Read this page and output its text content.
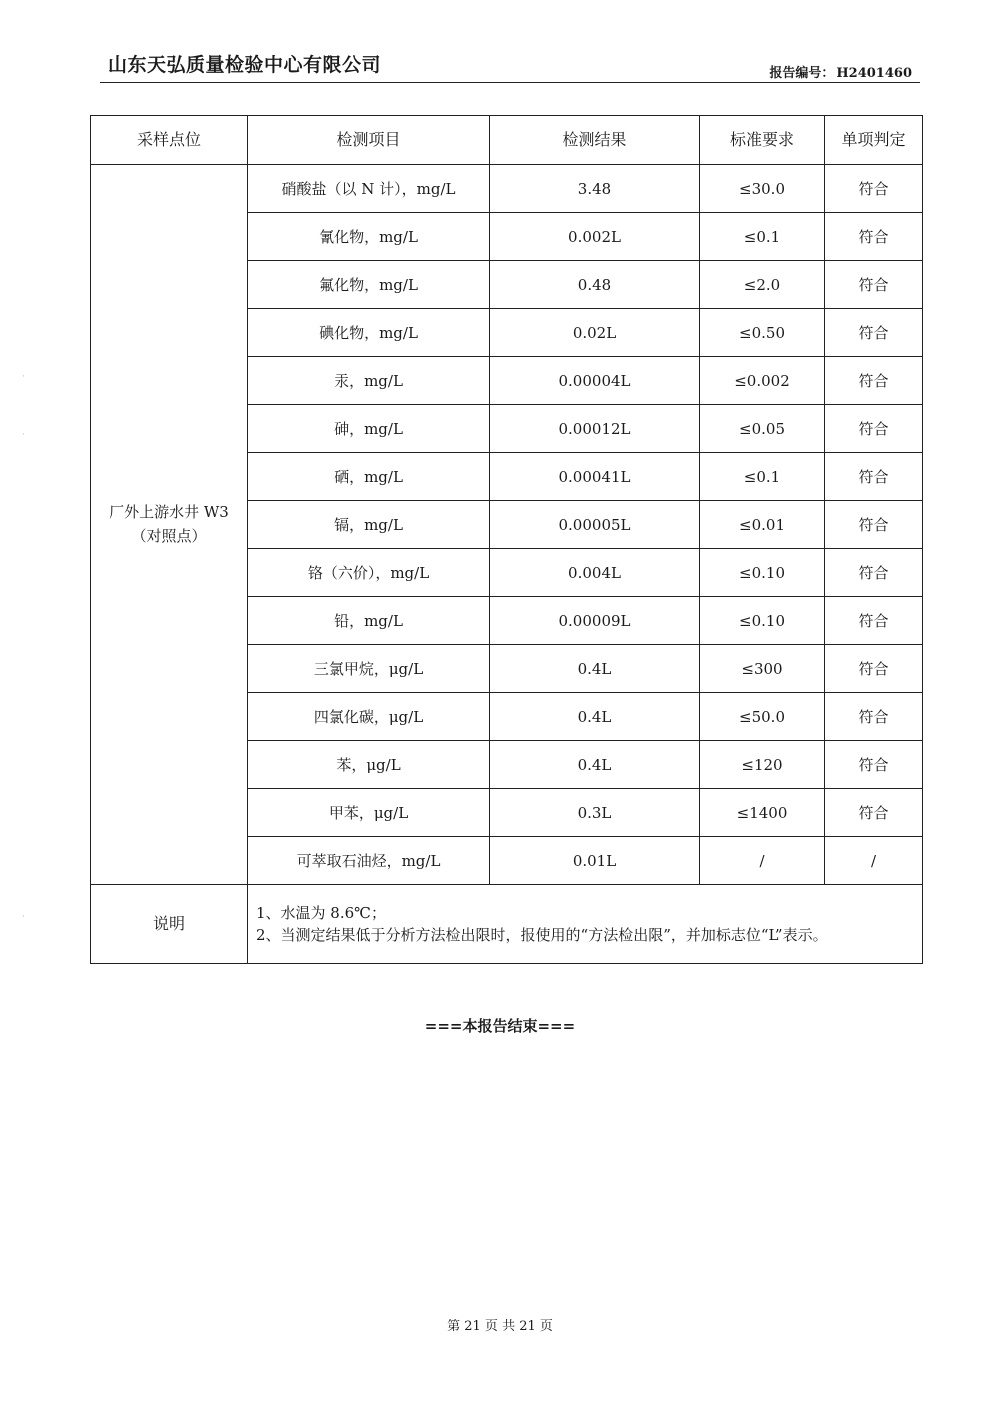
山东天弘质量检验中心有限公司	报告编号： H2401460
采样点位	检测项目	检测结果	标准要求	单项判定

厂外上游水井 W3
（对照点）	硝酸盐（以 N 计），mg/L	3.48	≤30.0	符合
	氰化物，mg/L	0.002L	≤0.1	符合
	氟化物，mg/L	0.48	≤2.0	符合
	碘化物，mg/L	0.02L	≤0.50	符合
	汞，mg/L	0.00004L	≤0.002	符合
	砷，mg/L	0.00012L	≤0.05	符合
	硒，mg/L	0.00041L	≤0.1	符合
	镉，mg/L	0.00005L	≤0.01	符合
	铬（六价），mg/L	0.004L	≤0.10	符合
	铅，mg/L	0.00009L	≤0.10	符合
	三氯甲烷，μg/L	0.4L	≤300	符合
	四氯化碳，μg/L	0.4L	≤50.0	符合
	苯，μg/L	0.4L	≤120	符合
	甲苯，μg/L	0.3L	≤1400	符合
	可萃取石油烃，mg/L	0.01L	/	/
说明	1、水温为 8.6℃；
2、当测定结果低于分析方法检出限时，报使用的“方法检出限”，并加标志位“L”表示。			
===本报告结束===
第 21 页 共 21 页
·
·
·
